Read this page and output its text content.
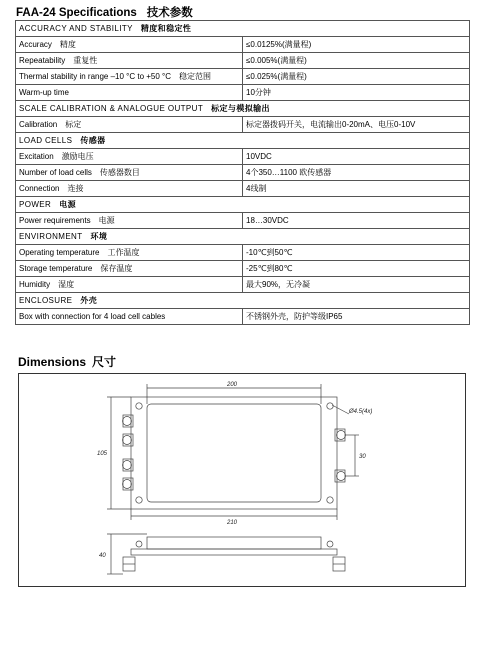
FAA-24 Specifications 技术参数
ACCURACY AND STABILITY 精度和稳定性	
Accuracy 精度	≤0.0125%(满量程)
Repeatability 重复性	≤0.005%(满量程)
Thermal stability in range –10 °C to +50 °C 稳定范围	≤0.025%(满量程)
Warm-up time	10分钟
SCALE CALIBRATION & ANALOGUE OUTPUT 标定与模拟输出	
Calibration 标定	标定器拨码开关，电流输出0-20mA、电压0-10V
LOAD CELLS 传感器	
Excitation 激励电压	10VDC
Number of load cells 传感器数目	4个350…1100 欧传感器
Connection 连接	4线制
POWER 电源	
Power requirements 电源	18…30VDC
ENVIRONMENT 环境	
Operating temperature 工作温度	-10℃到50℃
Storage temperature 保存温度	-25℃到80℃
Humidity 湿度	最大90%，无冷凝
ENCLOSURE 外壳	
Box with connection for 4 load cell cables	不锈钢外壳，防护等级IP65
Dimensions 尺寸
200
210
105
Ø4.5(4x)
30
40
